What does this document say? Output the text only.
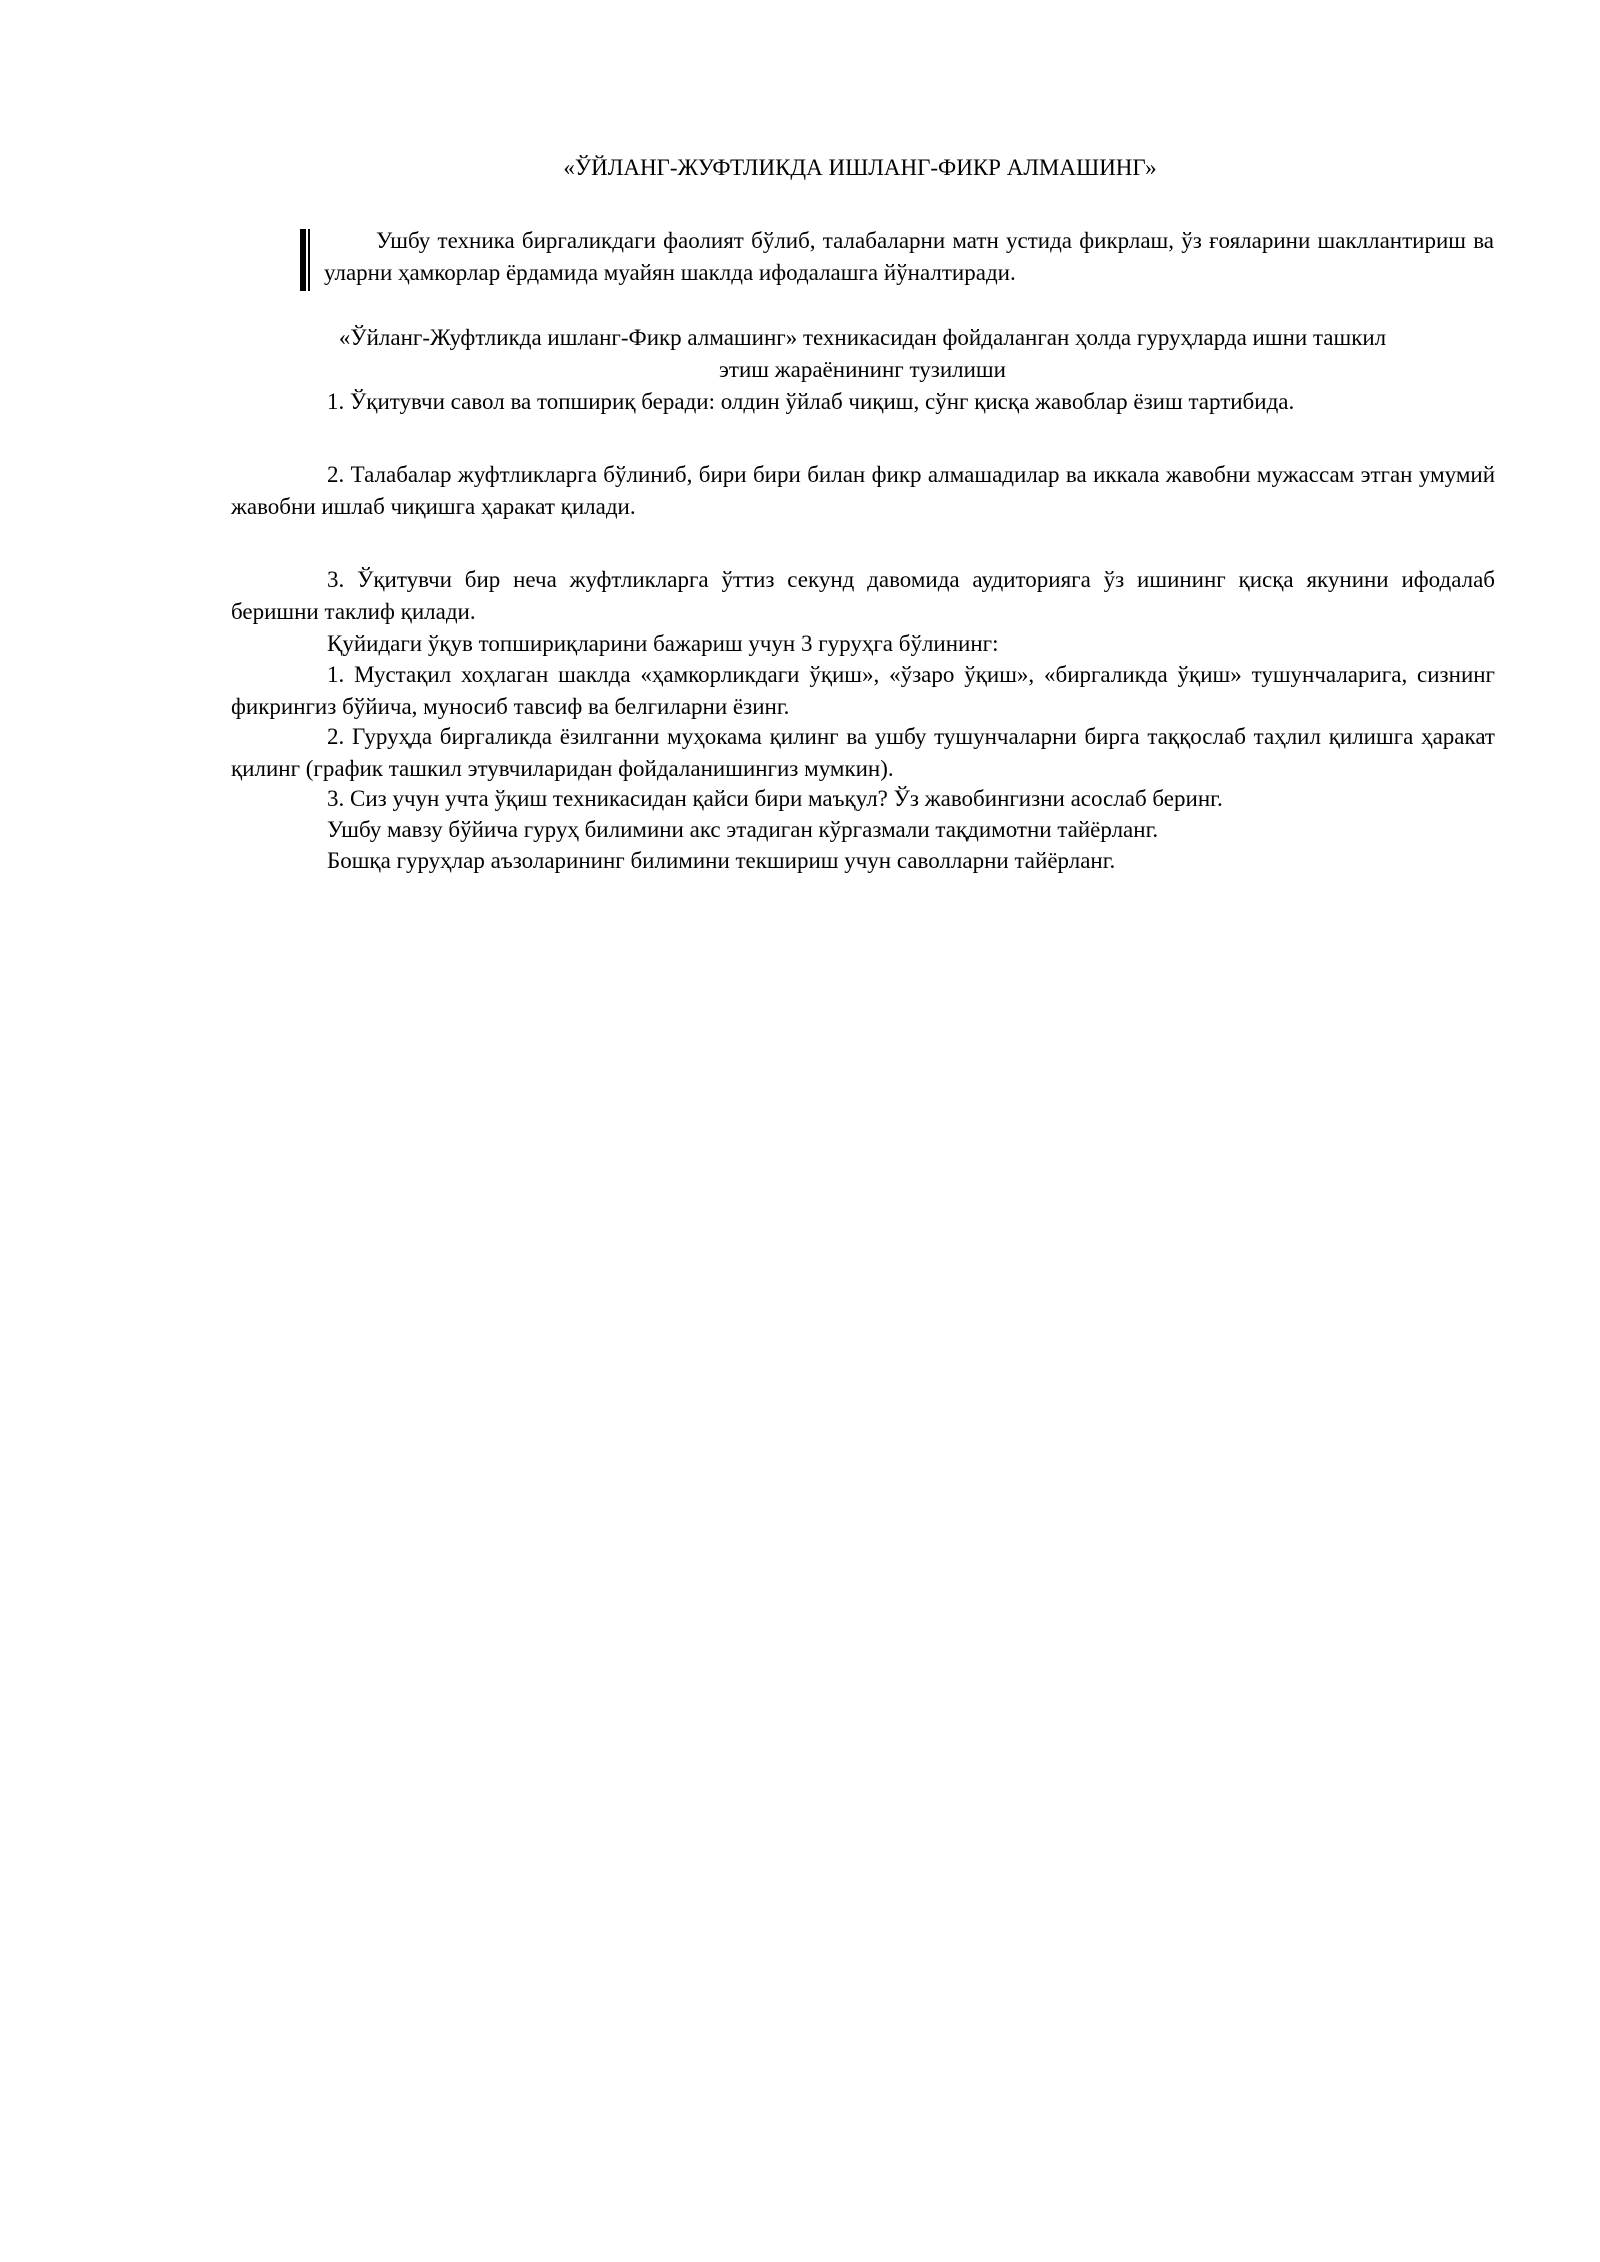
«ЎЙЛАНГ-ЖУФТЛИКДА ИШЛАНГ-ФИКР АЛМАШИНГ»

Ушбу техника биргаликдаги фаолият бўлиб, талабаларни матн устида фикрлаш, ўз ғояларини шакллантириш ва уларни ҳамкорлар ёрдамида муайян шаклда ифодалашга йўналтиради.

«Ўйланг-Жуфтликда ишланг-Фикр алмашинг» техникасидан фойдаланган ҳолда гуруҳларда ишни ташкил
этиш жараёнининг тузилиши

1. Ўқитувчи савол ва топшириқ беради: олдин ўйлаб чиқиш, сўнг қисқа жавоблар ёзиш тартибида.

2. Талабалар жуфтликларга бўлиниб, бири бири билан фикр алмашадилар ва иккала жавобни мужассам этган умумий жавобни ишлаб чиқишга ҳаракат қилади.

3. Ўқитувчи бир неча жуфтликларга ўттиз секунд давомида аудиторияга ўз ишининг қисқа якунини ифодалаб беришни таклиф қилади.

Қуйидаги ўқув топшириқларини бажариш учун 3 гуруҳга бўлининг:

1. Мустақил хоҳлаган шаклда «ҳамкорликдаги ўқиш», «ўзаро ўқиш», «биргаликда ўқиш» тушунчаларига, сизнинг фикрингиз бўйича, муносиб тавсиф ва белгиларни ёзинг.

2. Гуруҳда биргаликда ёзилганни муҳокама қилинг ва ушбу тушунчаларни бирга таққослаб таҳлил қилишга ҳаракат қилинг (график ташкил этувчиларидан фойдаланишингиз мумкин).

3. Сиз учун учта ўқиш техникасидан қайси бири маъқул? Ўз жавобингизни асослаб беринг.

Ушбу мавзу бўйича гуруҳ билимини акс этадиган кўргазмали тақдимотни тайёрланг.

Бошқа гуруҳлар аъзоларининг билимини текшириш учун саволларни тайёрланг.
